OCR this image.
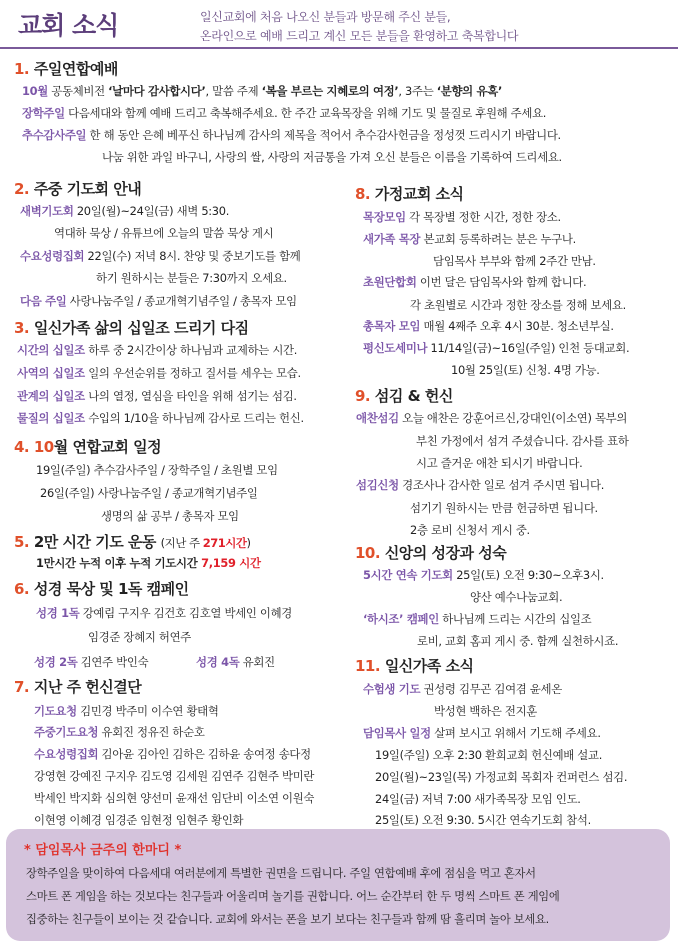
교회 소식	일신교회에 처음 나오신 분들과 방문해 주신 분들,
온라인으로 예배 드리고 계신 모든 분들을 환영하고 축복합니다
1. 주일연합예배
10월 공동체비전 ‘날마다 감사합시다’, 말씀 주제 ‘복을 부르는 지혜로의 여정’, 3주는 ‘분향의 유혹’
장학주일 다음세대와 함께 예배 드리고 축복해주세요. 한 주간 교육목장을 위해 기도 및 물질로 후원해 주세요.
추수감사주일 한 해 동안 은혜 베푸신 하나님께 감사의 제목을 적어서 추수감사헌금을 정성껏 드리시기 바랍니다.
나눔 위한 과일 바구니, 사랑의 쌀, 사랑의 저금통을 가져 오신 분들은 이름을 기록하여 드리세요.
2. 주중 기도회 안내
새벽기도회 20일(월)~24일(금) 새벽 5:30.
역대하 묵상 / 유튜브에 오늘의 말씀 묵상 게시
수요성령집회 22일(수) 저녁 8시. 찬양 및 중보기도를 함께
하기 원하시는 분들은 7:30까지 오세요.
다음 주일 사랑나눔주일 / 종교개혁기념주일 / 총목자 모임
3. 일신가족 삶의 십일조 드리기 다짐
시간의 십일조 하루 중 2시간이상 하나님과 교제하는 시간.
사역의 십일조 일의 우선순위를 정하고 질서를 세우는 모습.
관계의 십일조 나의 열정, 열심을 타인을 위해 섬기는 섬김.
물질의 십일조 수입의 1/10을 하나님께 감사로 드리는 헌신.
4. 10월 연합교회 일정
19일(주일) 추수감사주일 / 장학주일 / 초원별 모임
26일(주일) 사랑나눔주일 / 종교개혁기념주일
생명의 삶 공부 / 총목자 모임
5. 2만 시간 기도 운동 (지난 주 271시간)
1만시간 누적 이후 누적 기도시간 7,159 시간
6. 성경 묵상 및 1독 캠페인
성경 1독 강예림 구지우 김건호 김호열 박세인 이혜경
임경준 장혜지 허연주
성경 2독 김연주 박인숙	성경 4독 유회진
7. 지난 주 헌신결단
기도요청 김민경 박주미 이수연 황태혁
주중기도요청 유회진 정유진 하순호
수요성령집회 김아윤 김아인 김하은 김하윤 송여정 송다정
강영현 강예진 구지우 김도영 김세원 김연주 김현주 박미란
박세인 박지화 심의현 양선미 윤재선 임단비 이소연 이원숙
이현영 이혜경 임경준 임현정 임현주 황인화
8. 가정교회 소식
목장모임 각 목장별 정한 시간, 정한 장소.
새가족 목장 본교회 등록하려는 분은 누구나.
담임목사 부부와 함께 2주간 만남.
초원단합회 이번 달은 담임목사와 함께 합니다.
각 초원별로 시간과 정한 장소를 정해 보세요.
총목자 모임 매월 4째주 오후 4시 30분. 청소년부실.
평신도세미나 11/14일(금)~16일(주일) 인천 등대교회.
10월 25일(토) 신청. 4명 가능.
9. 섬김 & 헌신
애찬섬김 오늘 애찬은 강훈어르신,강대인(이소연) 목부의
부친 가정에서 섬겨 주셨습니다. 감사를 표하
시고 즐거운 애찬 되시기 바랍니다.
섬김신청 경조사나 감사한 일로 섬겨 주시면 됩니다.
섬기기 원하시는 만큼 헌금하면 됩니다.
2층 로비 신청서 게시 중.
10. 신앙의 성장과 성숙
5시간 연속 기도회 25일(토) 오전 9:30~오후3시.
양산 예수나눔교회.
‘하시조’ 캠페인 하나님께 드리는 시간의 십일조
로비, 교회 홈피 게시 중. 함께 실천하시죠.
11. 일신가족 소식
수험생 기도 권성령 김무곤 김여겸 윤세온
박성현 백하은 전지훈
담임목사 일정 살펴 보시고 위해서 기도해 주세요.
19일(주일) 오후 2:30 환희교회 헌신예배 설교.
20일(월)~23일(목) 가정교회 목회자 컨퍼런스 섬김.
24일(금) 저녁 7:00 새가족목장 모임 인도.
25일(토) 오전 9:30. 5시간 연속기도회 참석.
* 담임목사 금주의 한마디 *
장학주일을 맞이하여 다음세대 여러분에게 특별한 권면을 드립니다. 주일 연합예배 후에 점심을 먹고 혼자서
스마트 폰 게임을 하는 것보다는 친구들과 어울리며 놀기를 권합니다. 어느 순간부터 한 두 명씩 스마트 폰 게임에
집중하는 친구들이 보이는 것 같습니다. 교회에 와서는 폰을 보기 보다는 친구들과 함께 땀 흘리며 놀아 보세요.
